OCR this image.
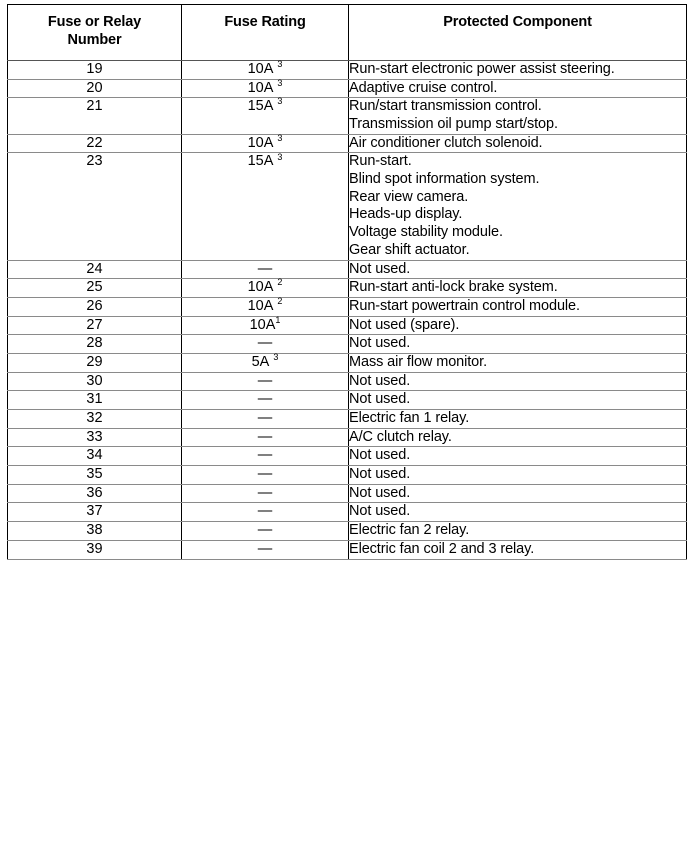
Fuse or Relay
Number	Fuse Rating	Protected Component
19	10A $^3$	Run-start electronic power assist steering.

20	10A $^3$	Adaptive cruise control.

21	15A $^3$	Run/start transmission control.
Transmission oil pump start/stop.

22	10A $^3$	Air conditioner clutch solenoid.

23	15A $^3$	Run-start.
Blind spot information system.
Rear view camera.
Heads-up display.
Voltage stability module.
Gear shift actuator.

24	—	Not used.

25	10A $^2$	Run-start anti-lock brake system.

26	10A $^2$	Run-start powertrain control module.

27	$10A^1$	Not used (spare).

28	—	Not used.

29	5A $^3$	Mass air flow monitor.

30	—	Not used.

31	—	Not used.

32	—	Electric fan 1 relay.

33	—	A/C clutch relay.

34	—	Not used.

35	—	Not used.

36	—	Not used.

37	—	Not used.

38	—	Electric fan 2 relay.

39	—	Electric fan coil 2 and 3 relay.
